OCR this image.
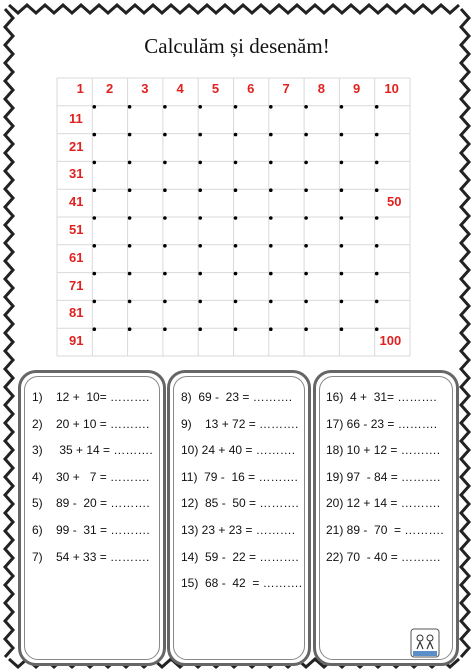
Calculăm și desenăm!
1 2 3 4 5 6 7 8 9 10
11
21
31
41
51
61
71
81
91
50
100
1)    12 +  10= ……….
2)    20 + 10 = ……….
3)     35 + 14 = ……….
4)    30 +   7 = ……….
5)    89 -  20 = ……….
6)    99 -  31 = ……….
7)    54 + 33 = ……….
8)  69 -  23 = ……….
9)    13 + 72 = ……….
10) 24 + 40 = ……….
11)  79 -  16 = ……….
12)  85 -  50 = ……….
13) 23 + 23 = ……….
14)  59 -  22 = ……….
15)  68 -  42  = ……….
16)  4 +  31= ……….
17) 66 - 23 = ……….
18) 10 + 12 = ……….
19) 97  - 84 = ……….
20) 12 + 14 = ……….
21) 89 -  70  = ……….
22) 70  - 40 = ……….
